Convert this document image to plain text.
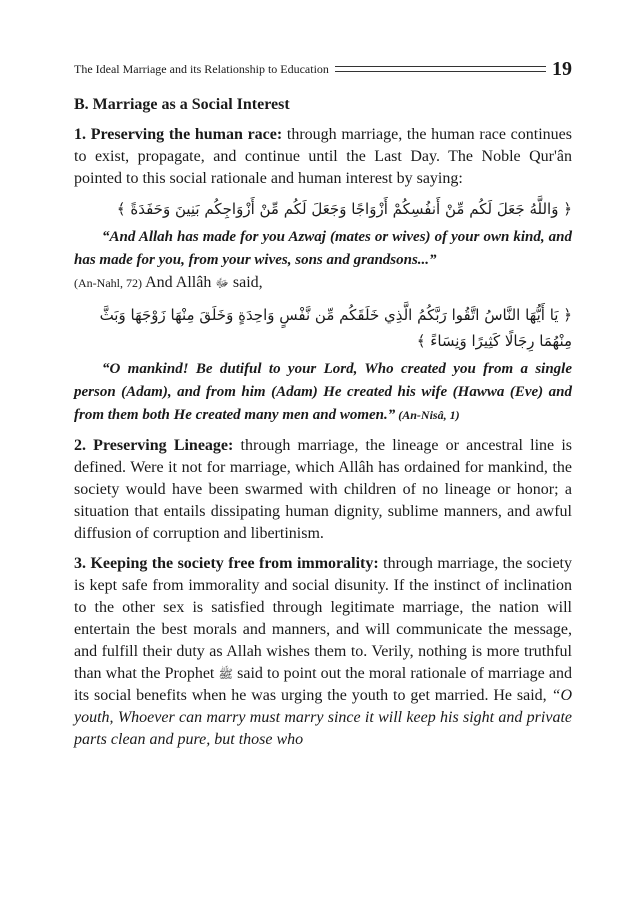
The Ideal Marriage and its Relationship to Education	19
B. Marriage as a Social Interest

1. Preserving the human race: through marriage, the human race continues to exist, propagate, and continue until the Last Day. The Noble Qur'ân pointed to this social rationale and human interest by saying:

﴿ وَاللَّهُ جَعَلَ لَكُم مِّنْ أَنفُسِكُمْ أَزْوَاجًا وَجَعَلَ لَكُم مِّنْ أَزْوَاجِكُم بَنِينَ وَحَفَدَةً ﴾

“And Allah has made for you Azwaj (mates or wives) of your own kind, and has made for you, from your wives, sons and grandsons...”

(An-Nahl, 72) And Allâh ﷻ said,

﴿ يَا أَيُّهَا النَّاسُ اتَّقُوا رَبَّكُمُ الَّذِي خَلَقَكُم مِّن نَّفْسٍ وَاحِدَةٍ وَخَلَقَ مِنْهَا زَوْجَهَا وَبَثَّ مِنْهُمَا رِجَالًا كَثِيرًا وَنِسَاءً ﴾

“O mankind! Be dutiful to your Lord, Who created you from a single person (Adam), and from him (Adam) He created his wife (Hawwa (Eve) and from them both He created many men and women.” (An-Nisâ, 1)

2. Preserving Lineage: through marriage, the lineage or ancestral line is defined. Were it not for marriage, which Allâh has ordained for mankind, the society would have been swarmed with children of no lineage or honor; a situation that entails dissipating human dignity, sublime manners, and awful diffusion of corruption and libertinism.

3. Keeping the society free from immorality: through marriage, the society is kept safe from immorality and social disunity. If the instinct of inclination to the other sex is satisfied through legitimate marriage, the nation will entertain the best morals and manners, and will communicate the message, and fulfill their duty as Allah wishes them to. Verily, nothing is more truthful than what the Prophet ﷺ said to point out the moral rationale of marriage and its social benefits when he was urging the youth to get married. He said, “O youth, Whoever can marry must marry since it will keep his sight and private parts clean and pure, but those who
